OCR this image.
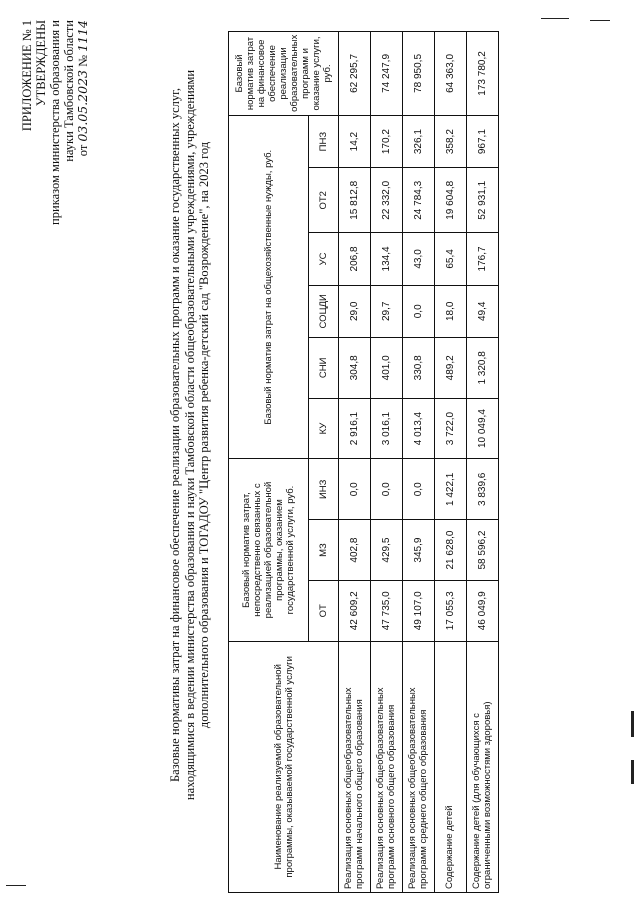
ПРИЛОЖЕНИЕ № 1 УТВЕРЖДЕНЫ приказом министерства образования и науки Тамбовской области от 03.05.2023 № 1114
Базовые нормативы затрат на финансовое обеспечение реализации образовательных программ и оказание государственных услуг, находящимися в ведении министерства образования и науки Тамбовской области общеобразовательными учреждениями, учреждениями дополнительного образования и ТОГАДОУ "Центр развития ребенка-детский сад "Возрождение", на 2023 год
Наименование реализуемой образовательной программы, оказываемой государственной услуги	Базовый норматив затрат, непосредственно связанных с реализацией образовательной программы, оказанием государственной услуги, руб.			Базовый норматив затрат на общехозяйственные нужды, руб.						Базовый норматив затрат на финансовое обеспечение реализации образовательных программ и оказание услуги, руб.
	ОТ	МЗ	ИНЗ	КУ	СНИ	СОЦДИ	УС	ОТ2	ПНЗ	
Реализация основных общеобразовательных программ начального общего образования	42 609,2	402,8	0,0	2 916,1	304,8	29,0	206,8	15 812,8	14,2	62 295,7
Реализация основных общеобразовательных программ основного общего образования	47 735,0	429,5	0,0	3 016,1	401,0	29,7	134,4	22 332,0	170,2	74 247,9
Реализация основных общеобразовательных программ среднего общего образования	49 107,0	345,9	0,0	4 013,4	330,8	0,0	43,0	24 784,3	326,1	78 950,5
Содержание детей	17 055,3	21 628,0	1 422,1	3 722,0	489,2	18,0	65,4	19 604,8	358,2	64 363,0
Содержание детей (для обучающихся с ограниченными возможностями здоровья)	46 049,9	58 596,2	3 839,6	10 049,4	1 320,8	49,4	176,7	52 931,1	967,1	173 780,2
